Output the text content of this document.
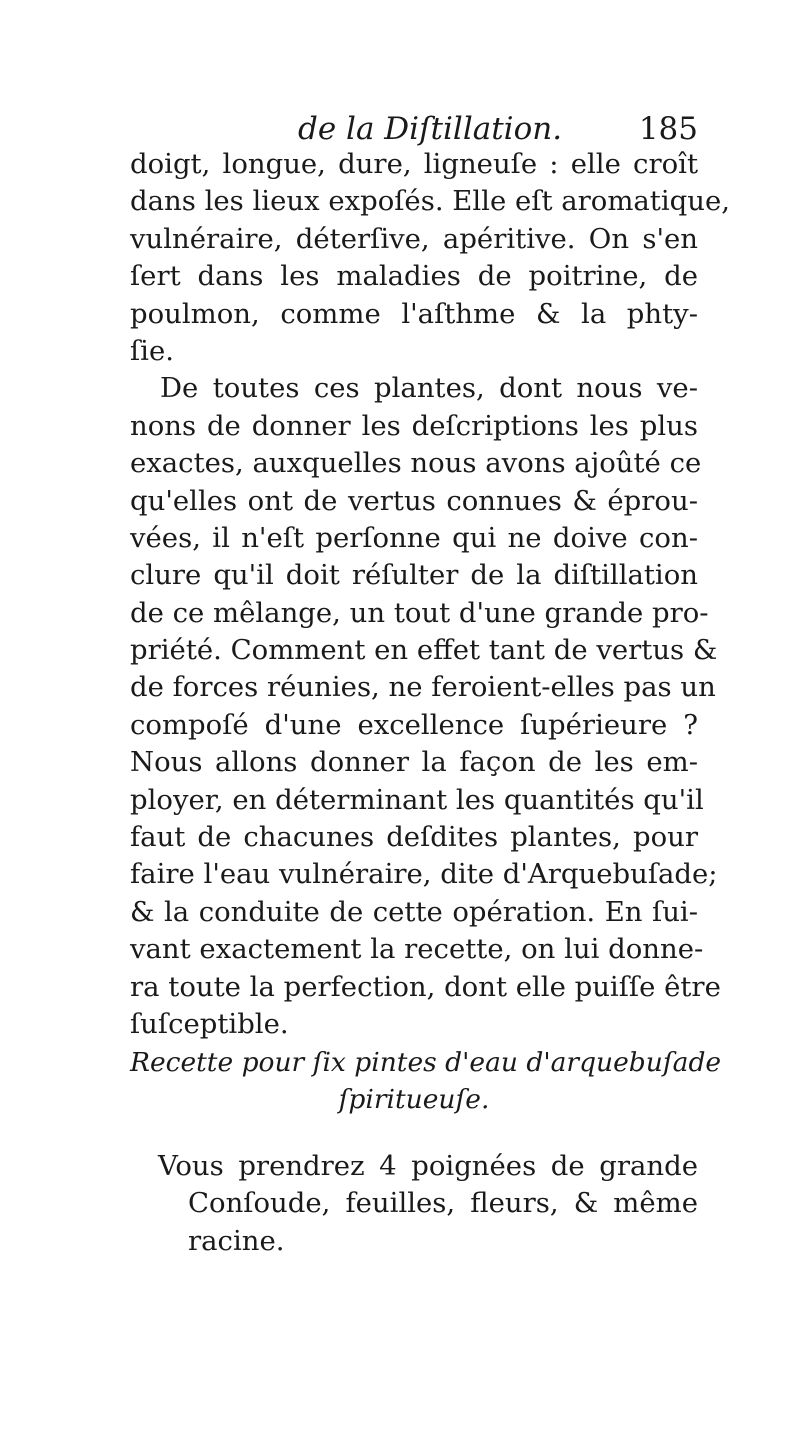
de la Diſtillation. 185
doigt, longue, dure, ligneuſe : elle croît
dans les lieux expoſés. Elle eſt aromatique,
vulnéraire, déterſive, apéritive. On s'en
ſert dans les maladies de poitrine, de
poulmon, comme l'aſthme & la phty-
ſie.
De toutes ces plantes, dont nous ve-
nons de donner les deſcriptions les plus
exactes, auxquelles nous avons ajoûté ce
qu'elles ont de vertus connues & éprou-
vées, il n'eſt perſonne qui ne doive con-
clure qu'il doit réſulter de la diſtillation
de ce mêlange, un tout d'une grande pro-
priété. Comment en effet tant de vertus &
de forces réunies, ne feroient-elles pas un
compoſé d'une excellence ſupérieure ?
Nous allons donner la façon de les em-
ployer, en déterminant les quantités qu'il
faut de chacunes deſdites plantes, pour
faire l'eau vulnéraire, dite d'Arquebuſade;
& la conduite de cette opération. En ſui-
vant exactement la recette, on lui donne-
ra toute la perfection, dont elle puiſſe être
ſuſceptible.
Recette pour ſix pintes d'eau d'arquebuſade
ſpiritueuſe.
Vous prendrez 4 poignées de grande
Conſoude, feuilles, fleurs, & même
racine.
